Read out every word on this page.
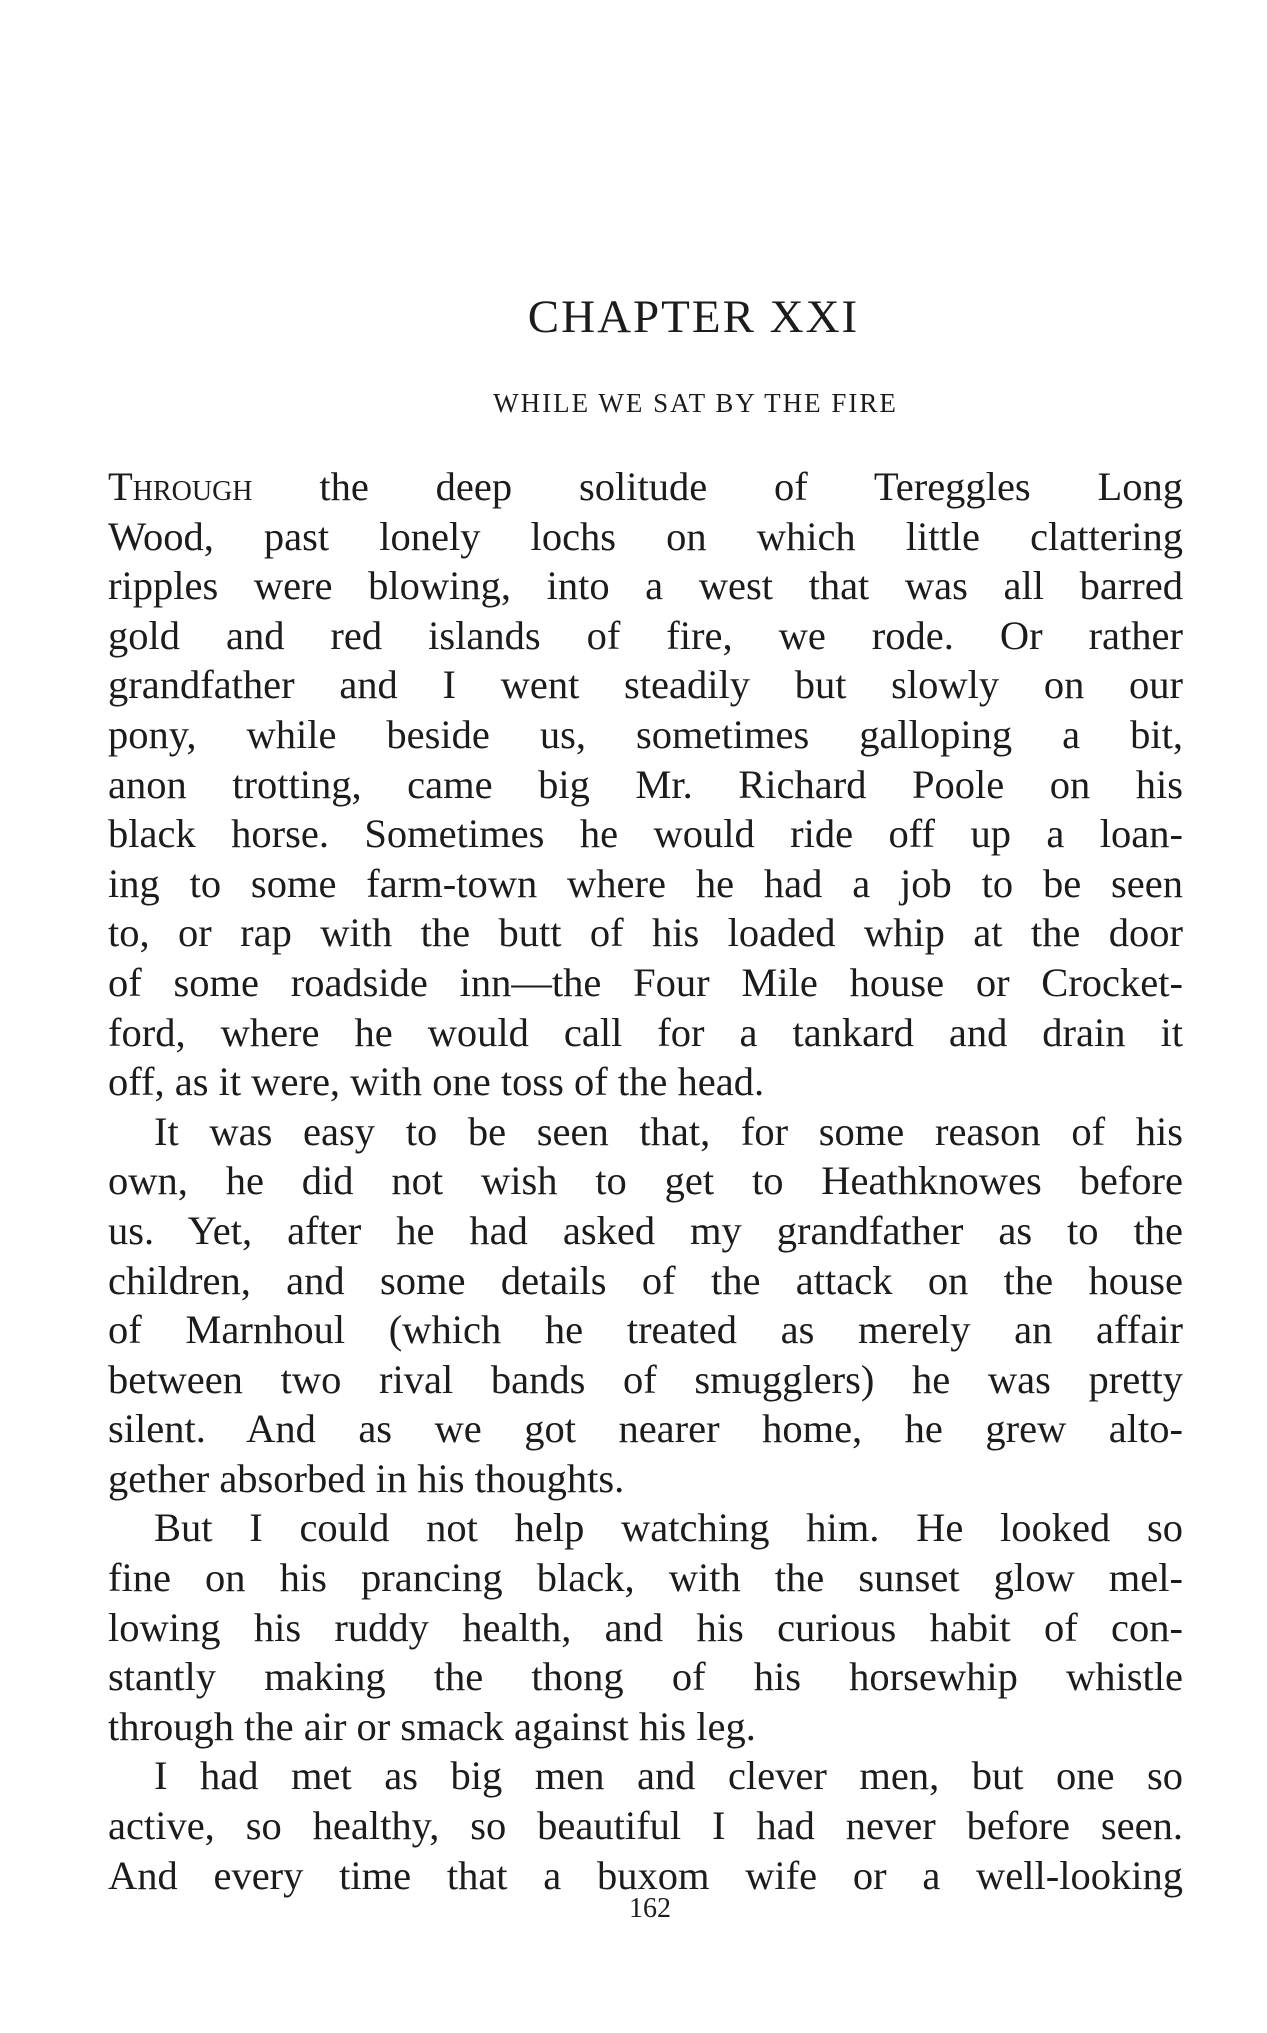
CHAPTER XXI
WHILE WE SAT BY THE FIRE
Through the deep solitude of Tereggles Long
Wood, past lonely lochs on which little clattering
ripples were blowing, into a west that was all barred
gold and red islands of fire, we rode. Or rather
grandfather and I went steadily but slowly on our
pony, while beside us, sometimes galloping a bit,
anon trotting, came big Mr. Richard Poole on his
black horse. Sometimes he would ride off up a loan-
ing to some farm-town where he had a job to be seen
to, or rap with the butt of his loaded whip at the door
of some roadside inn—the Four Mile house or Crocket-
ford, where he would call for a tankard and drain it
off, as it were, with one toss of the head.
It was easy to be seen that, for some reason of his
own, he did not wish to get to Heathknowes before
us. Yet, after he had asked my grandfather as to the
children, and some details of the attack on the house
of Marnhoul (which he treated as merely an affair
between two rival bands of smugglers) he was pretty
silent. And as we got nearer home, he grew alto-
gether absorbed in his thoughts.
But I could not help watching him. He looked so
fine on his prancing black, with the sunset glow mel-
lowing his ruddy health, and his curious habit of con-
stantly making the thong of his horsewhip whistle
through the air or smack against his leg.
I had met as big men and clever men, but one so
active, so healthy, so beautiful I had never before seen.
And every time that a buxom wife or a well-looking
162
